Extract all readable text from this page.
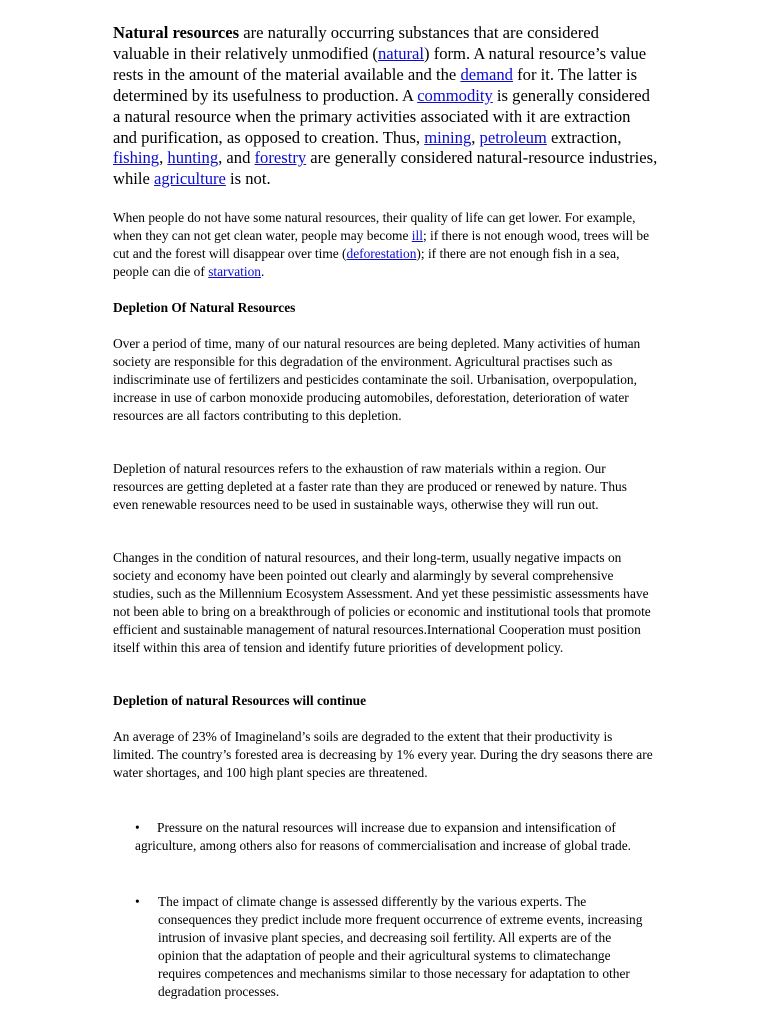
Natural resources are naturally occurring substances that are considered valuable in their relatively unmodified (natural) form. A natural resource’s value rests in the amount of the material available and the demand for it. The latter is determined by its usefulness to production. A commodity is generally considered a natural resource when the primary activities associated with it are extraction and purification, as opposed to creation. Thus, mining, petroleum extraction, fishing, hunting, and forestry are generally considered natural-resource industries, while agriculture is not.

When people do not have some natural resources, their quality of life can get lower. For example, when they can not get clean water, people may become ill; if there is not enough wood, trees will be cut and the forest will disappear over time (deforestation); if there are not enough fish in a sea, people can die of starvation.

Depletion Of Natural Resources

Over a period of time, many of our natural resources are being depleted. Many activities of human society are responsible for this degradation of the environment. Agricultural practises such as indiscriminate use of fertilizers and pesticides contaminate the soil. Urbanisation, overpopulation, increase in use of carbon monoxide producing automobiles, deforestation, deterioration of water resources are all factors contributing to this depletion.

Depletion of natural resources refers to the exhaustion of raw materials within a region. Our resources are getting depleted at a faster rate than they are produced or renewed by nature. Thus even renewable resources need to be used in sustainable ways, otherwise they will run out.

Changes in the condition of natural resources, and their long-term, usually negative impacts on society and economy have been pointed out clearly and alarmingly by several comprehensive studies, such as the Millennium Ecosystem Assessment. And yet these pessimistic assessments have not been able to bring on a breakthrough of policies or economic and institutional tools that promote efficient and sustainable management of natural resources.International Cooperation must position itself within this area of tension and identify future priorities of development policy.

Depletion of natural Resources will continue

An average of 23% of Imagineland’s soils are degraded to the extent that their productivity is limited. The country’s forested area is decreasing by 1% every year. During the dry seasons there are water shortages, and 100 high plant species are threatened.

• Pressure on the natural resources will increase due to expansion and intensification of agriculture, among others also for reasons of commercialisation and increase of global trade.

•	The impact of climate change is assessed differently by the various experts. The consequences they predict include more frequent occurrence of extreme events, increasing intrusion of invasive plant species, and decreasing soil fertility. All experts are of the opinion that the adaptation of people and their agricultural systems to climatechange requires competences and mechanisms similar to those necessary for adaptation to other degradation processes.
